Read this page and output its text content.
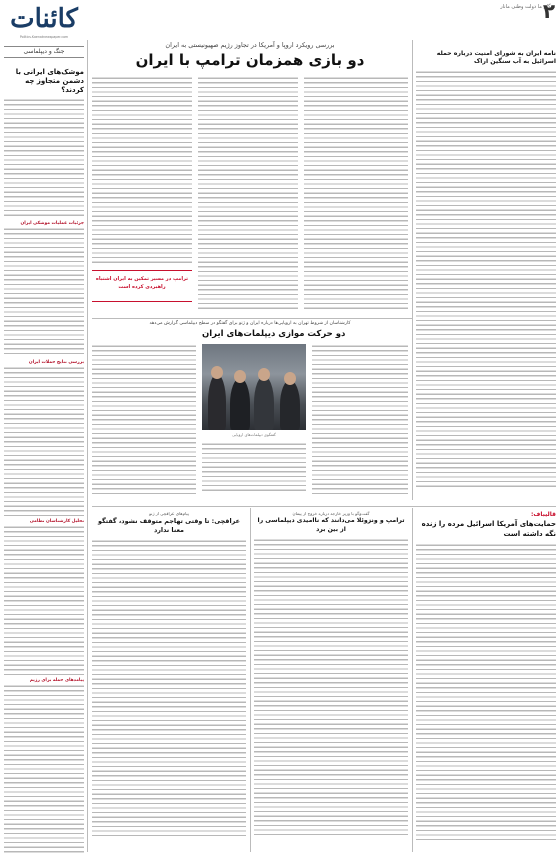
هنگام ما دولت‌ وطنی مانار
۲
کائنات
Politics.Kaenatnewspaper.com
جنگ و دیپلماسی
موشک‌های ایرانی با دشمن متجاوز چه کردند؟
جزئیات عملیات موشکی ایران
بررسی نتایج حملات ایران
تحلیل کارشناسان نظامی
پیامدهای حمله برای رژیم
نامه ایران به شورای امنیت درباره حمله اسرائیل به آب سنگین اراک
بررسی رویکرد اروپا و آمریکا در تجاوز رژیم صهیونیستی به ایران
دو بازی همزمان ترامپ با ایران
ترامپ در مسیر تمکین به ایران اشتباه راهبردی کرده است
کارشناسان از شروط تهران به اروپایی‌ها درباره ایران و ژنو برای گفتگو در سطح دیپلماسی گزارش می‌دهد
دو حرکت موازی دیپلمات‌های ایران
گفتگوی دیپلمات‌های اروپایی
قالیباف:
حمایت‌های آمریکا اسرائیل مرده را زنده نگه داشته است
گفت‌وگو با وزیر خارجه درباره خروج از پیمان
ترامپ و ونزوئلا می‌دانند که ناامیدی دیپلماسی را از بین برد
پیام‌های عراقچی از ژنو
عراقچی: تا وقتی تهاجم متوقف نشود، گفتگو معنا ندارد
